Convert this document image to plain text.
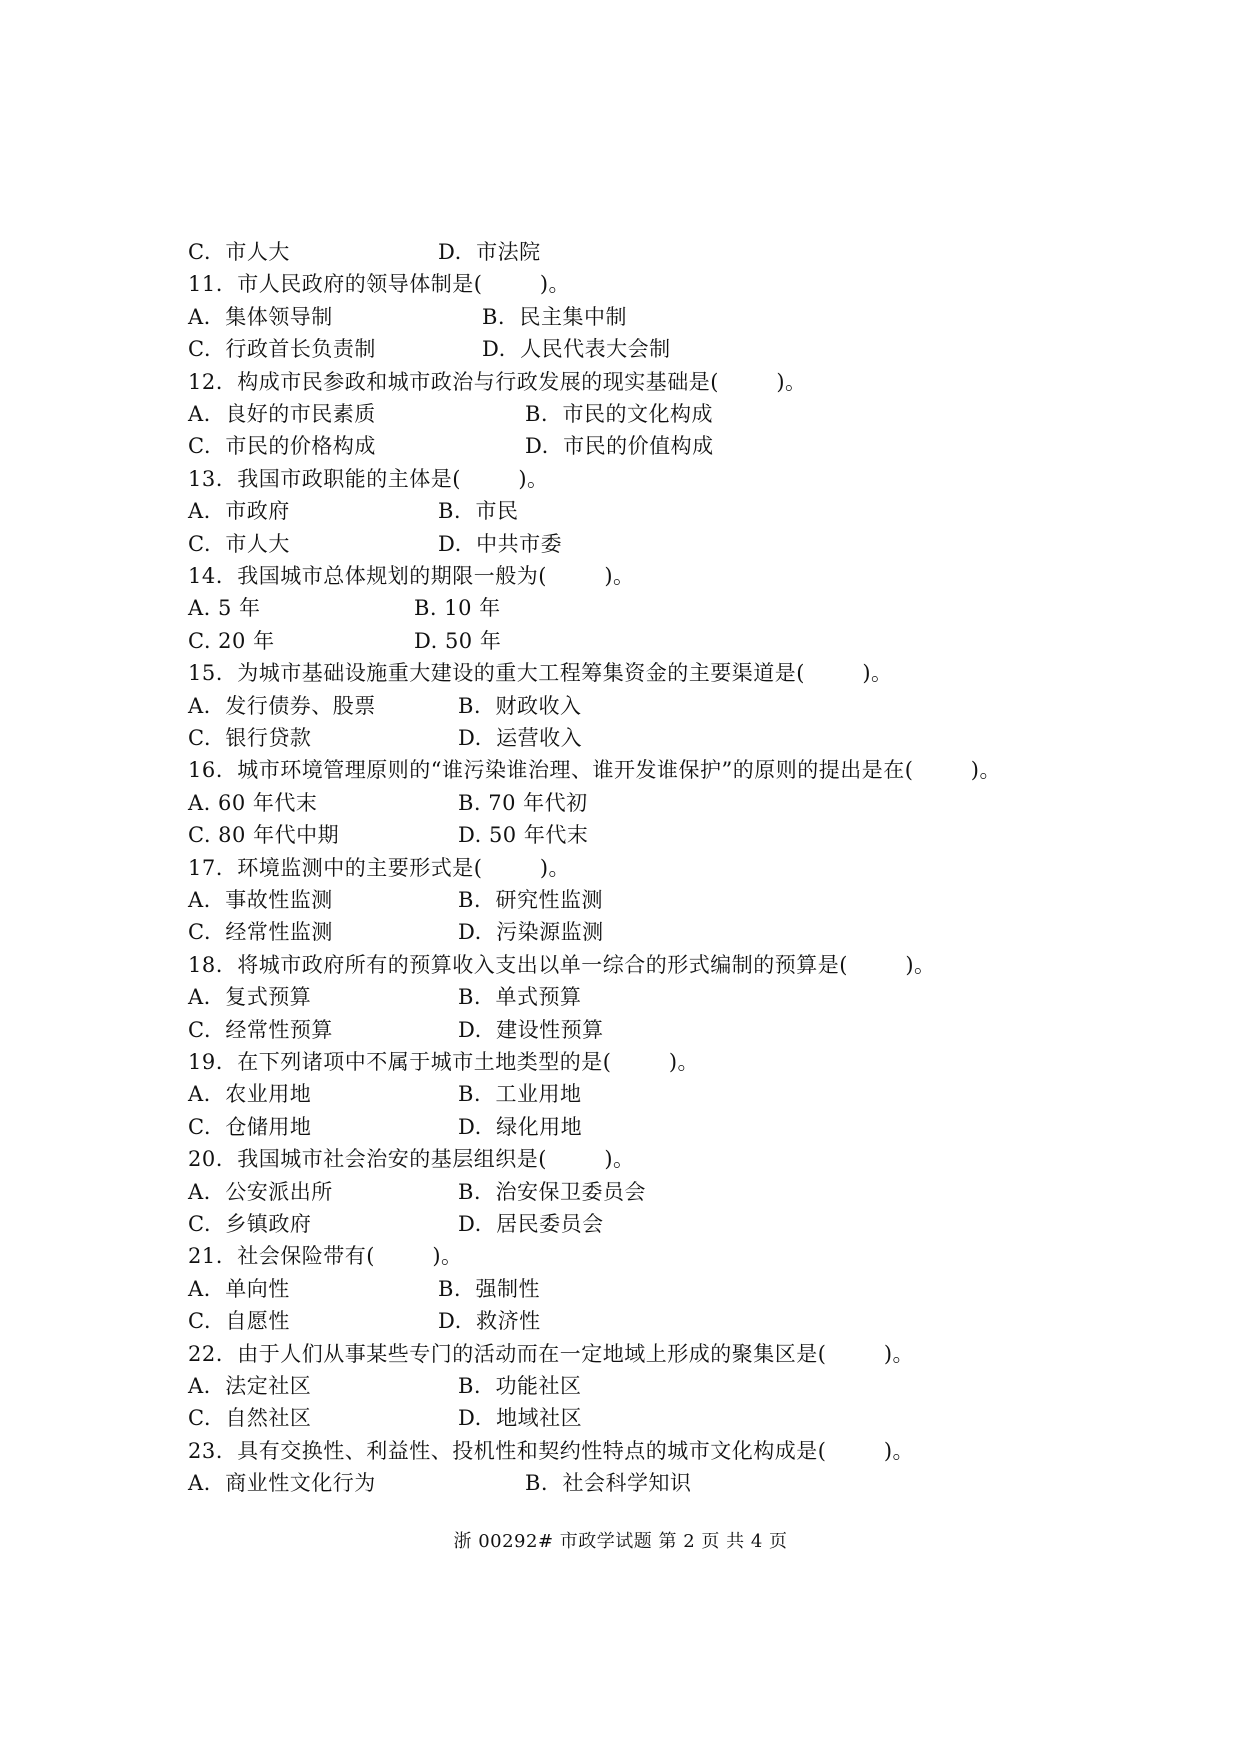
C.  市人大	D.  市法院
11.  市人民政府的领导体制是(        )。
A.  集体领导制	B.  民主集中制
C.  行政首长负责制	D.  人民代表大会制
12.  构成市民参政和城市政治与行政发展的现实基础是(        )。
A.  良好的市民素质	B.  市民的文化构成
C.  市民的价格构成	D.  市民的价值构成
13.  我国市政职能的主体是(        )。
A.  市政府	B.  市民
C.  市人大	D.  中共市委
14.  我国城市总体规划的期限一般为(        )。
A. 5 年	B. 10 年
C. 20 年	D. 50 年
15.  为城市基础设施重大建设的重大工程筹集资金的主要渠道是(        )。
A.  发行债券、股票	B.  财政收入
C.  银行贷款	D.  运营收入
16.  城市环境管理原则的“谁污染谁治理、谁开发谁保护”的原则的提出是在(        )。
A. 60 年代末	B. 70 年代初
C. 80 年代中期	D. 50 年代末
17.  环境监测中的主要形式是(        )。
A.  事故性监测	B.  研究性监测
C.  经常性监测	D.  污染源监测
18.  将城市政府所有的预算收入支出以单一综合的形式编制的预算是(        )。
A.  复式预算	B.  单式预算
C.  经常性预算	D.  建设性预算
19.  在下列诸项中不属于城市土地类型的是(        )。
A.  农业用地	B.  工业用地
C.  仓储用地	D.  绿化用地
20.  我国城市社会治安的基层组织是(        )。
A.  公安派出所	B.  治安保卫委员会
C.  乡镇政府	D.  居民委员会
21.  社会保险带有(        )。
A.  单向性	B.  强制性
C.  自愿性	D.  救济性
22.  由于人们从事某些专门的活动而在一定地域上形成的聚集区是(        )。
A.  法定社区	B.  功能社区
C.  自然社区	D.  地域社区
23.  具有交换性、利益性、投机性和契约性特点的城市文化构成是(        )。
A.  商业性文化行为	B.  社会科学知识
浙 00292# 市政学试题 第 2 页 共 4 页
